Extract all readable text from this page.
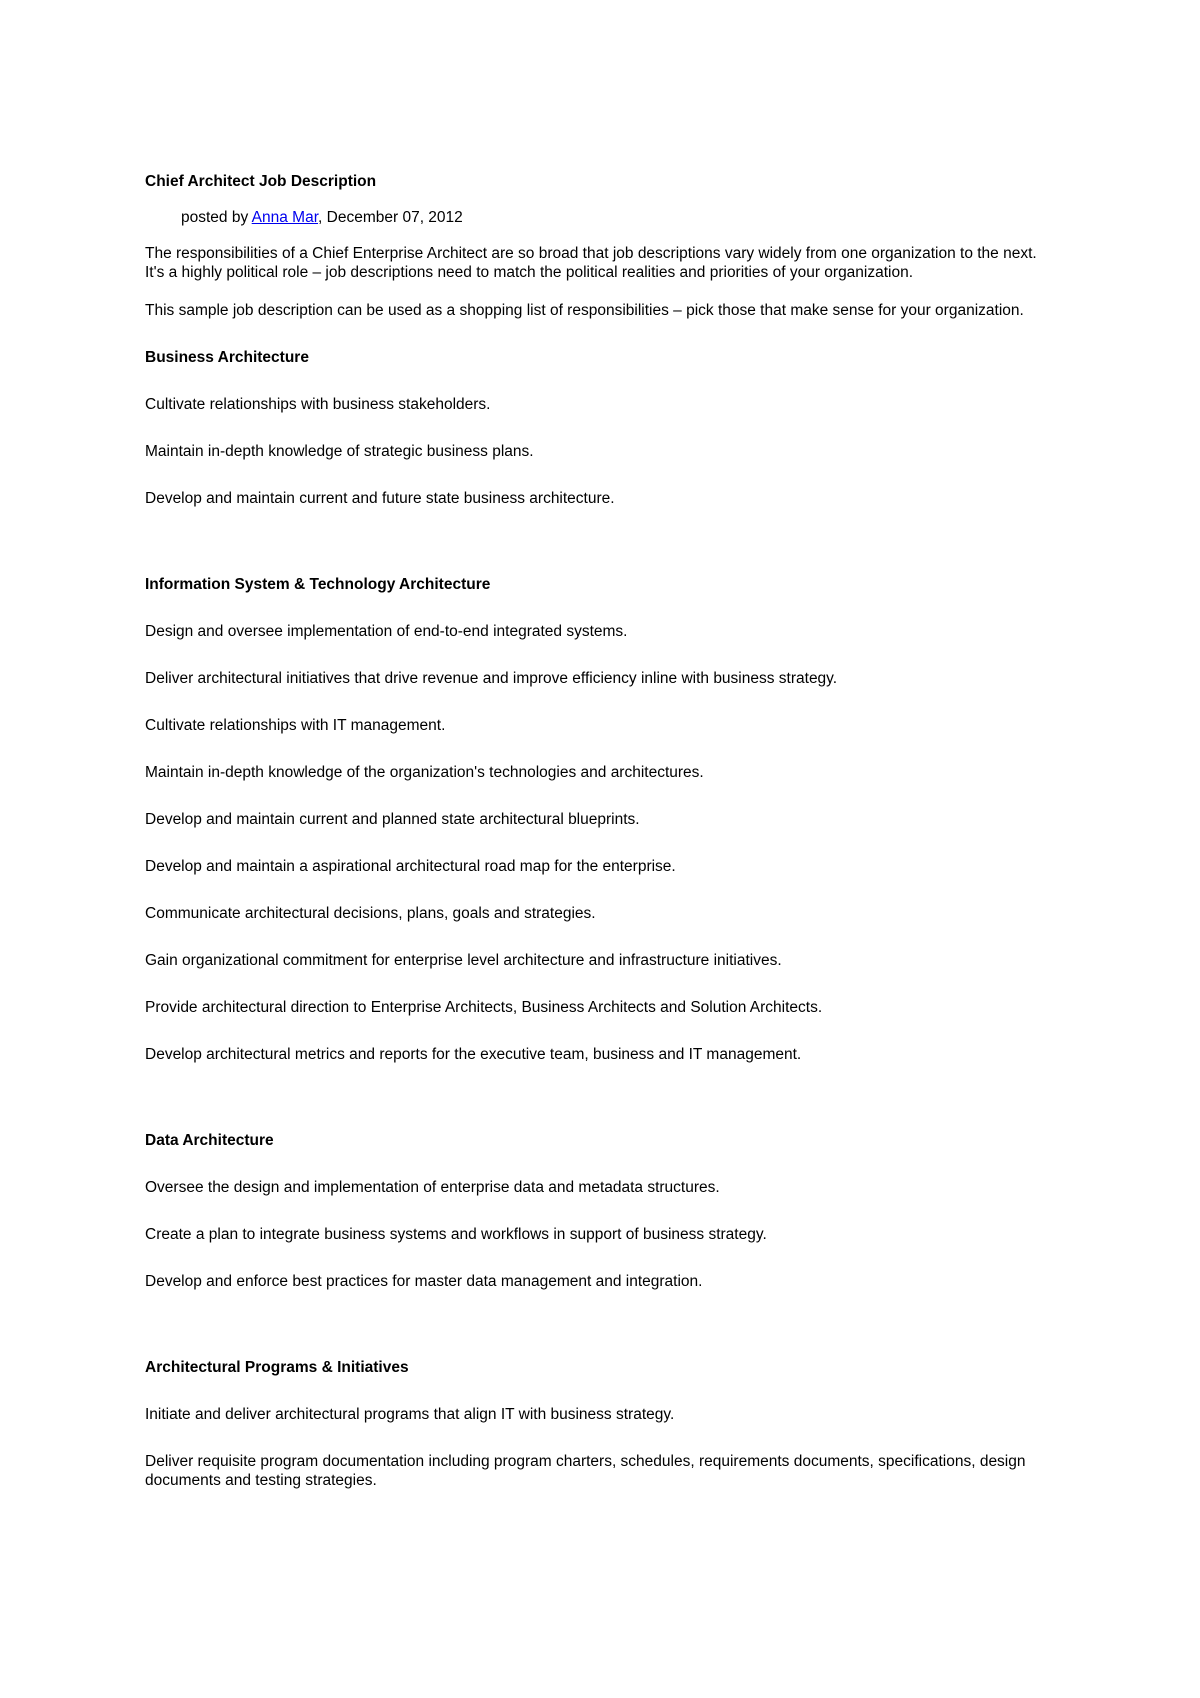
Chief Architect Job Description
posted by Anna Mar, December 07, 2012
The responsibilities of a Chief Enterprise Architect are so broad that job descriptions vary widely from one organization to the next. It's a highly political role – job descriptions need to match the political realities and priorities of your organization.
This sample job description can be used as a shopping list of responsibilities – pick those that make sense for your organization.
Business Architecture
Cultivate relationships with business stakeholders.
Maintain in-depth knowledge of strategic business plans.
Develop and maintain current and future state business architecture.
Information System & Technology Architecture
Design and oversee implementation of end-to-end integrated systems.
Deliver architectural initiatives that drive revenue and improve efficiency inline with business strategy.
Cultivate relationships with IT management.
Maintain in-depth knowledge of the organization's technologies and architectures.
Develop and maintain current and planned state architectural blueprints.
Develop and maintain a aspirational architectural road map for the enterprise.
Communicate architectural decisions, plans, goals and strategies.
Gain organizational commitment for enterprise level architecture and infrastructure initiatives.
Provide architectural direction to Enterprise Architects, Business Architects and Solution Architects.
Develop architectural metrics and reports for the executive team, business and IT management.
Data Architecture
Oversee the design and implementation of enterprise data and metadata structures.
Create a plan to integrate business systems and workflows in support of business strategy.
Develop and enforce best practices for master data management and integration.
Architectural Programs & Initiatives
Initiate and deliver architectural programs that align IT with business strategy.
Deliver requisite program documentation including program charters, schedules, requirements documents, specifications, design documents and testing strategies.
